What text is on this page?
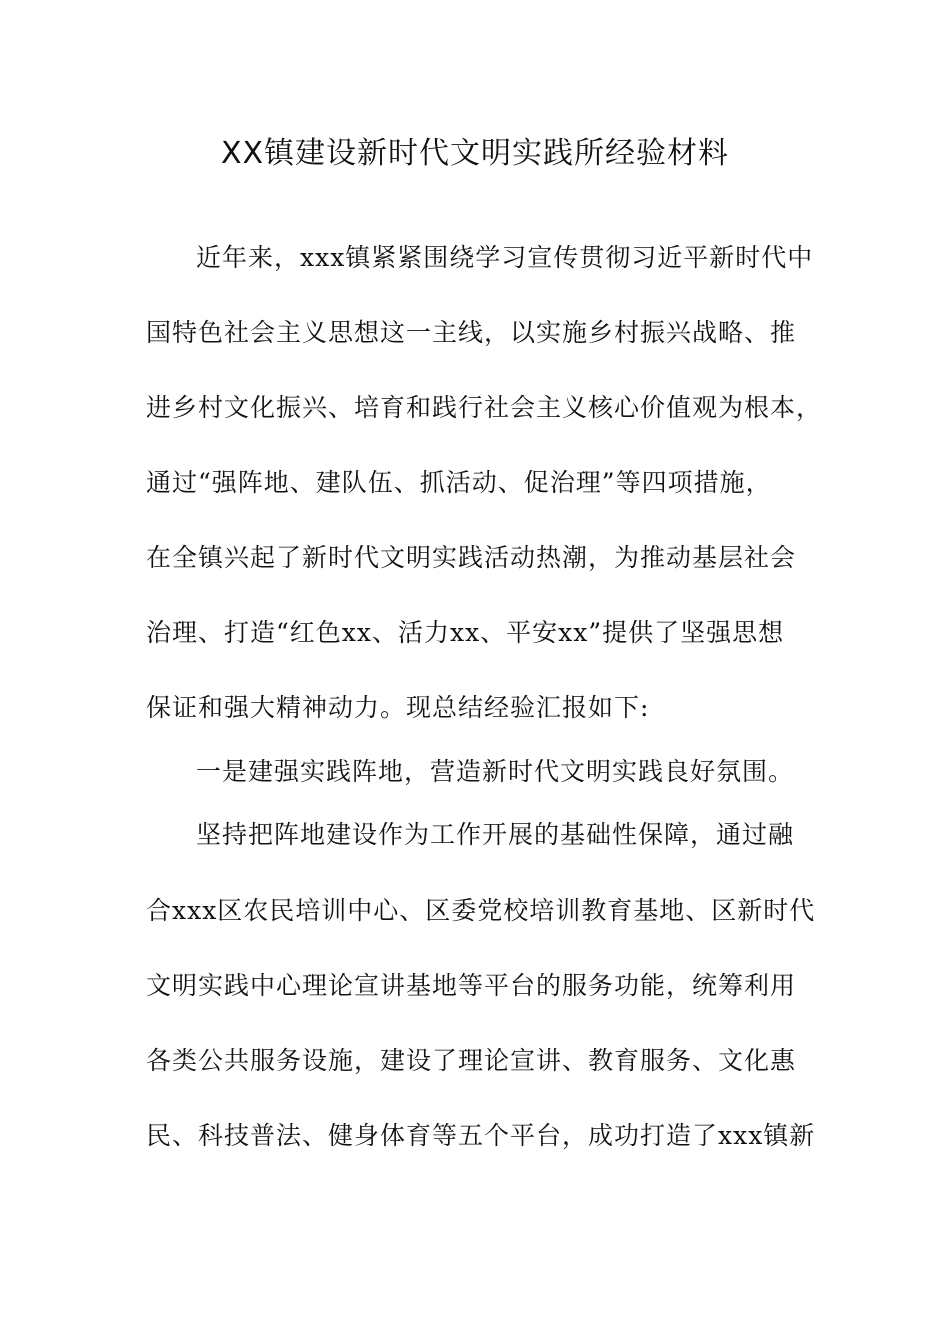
XX镇建设新时代文明实践所经验材料

近年来，xxx镇紧紧围绕学习宣传贯彻习近平新时代中

国特色社会主义思想这一主线，以实施乡村振兴战略、推

进乡村文化振兴、培育和践行社会主义核心价值观为根本，

通过“强阵地、建队伍、抓活动、促治理”等四项措施，

在全镇兴起了新时代文明实践活动热潮，为推动基层社会

治理、打造“红色xx、活力xx、平安xx”提供了坚强思想

保证和强大精神动力。现总结经验汇报如下:

一是建强实践阵地，营造新时代文明实践良好氛围。

坚持把阵地建设作为工作开展的基础性保障，通过融

合xxx区农民培训中心、区委党校培训教育基地、区新时代

文明实践中心理论宣讲基地等平台的服务功能，统筹利用

各类公共服务设施，建设了理论宣讲、教育服务、文化惠

民、科技普法、健身体育等五个平台，成功打造了xxx镇新
